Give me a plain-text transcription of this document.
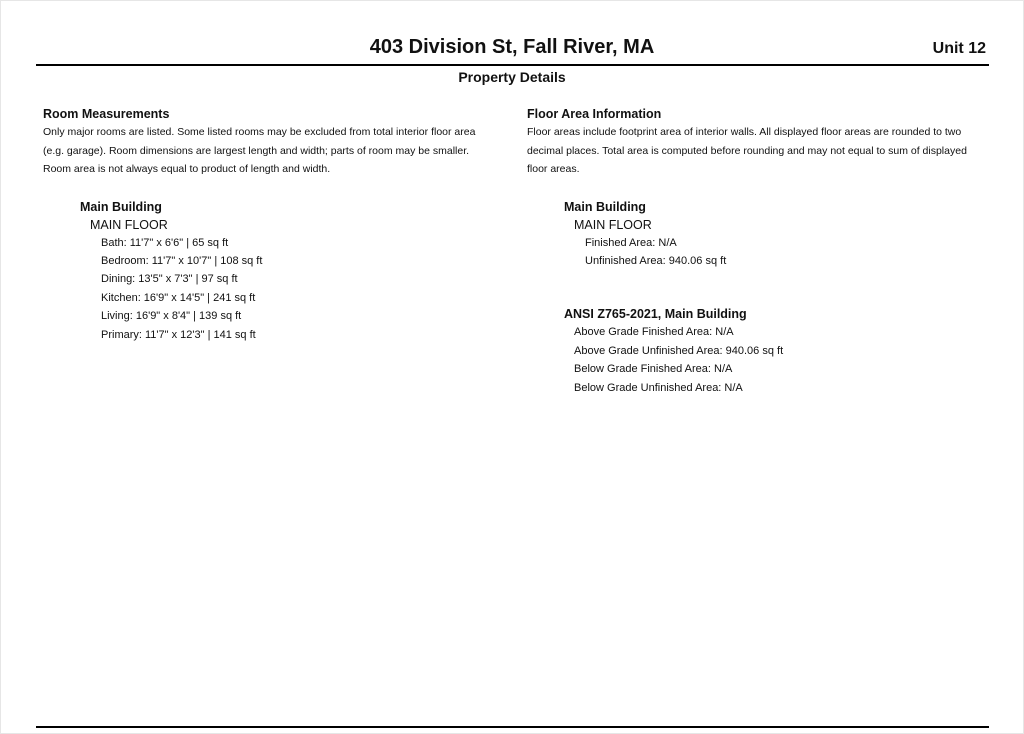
403 Division St, Fall River, MA	Unit 12
Property Details

Room Measurements

Only major rooms are listed. Some listed rooms may be excluded from total interior floor area
(e.g. garage). Room dimensions are largest length and width; parts of room may be smaller.
Room area is not always equal to product of length and width.

Main Building
MAIN FLOOR
Bath: 11'7" x 6'6" | 65 sq ft
Bedroom: 11'7" x 10'7" | 108 sq ft
Dining: 13'5" x 7'3" | 97 sq ft
Kitchen: 16'9" x 14'5" | 241 sq ft
Living: 16'9" x 8'4" | 139 sq ft
Primary: 11'7" x 12'3" | 141 sq ft

Floor Area Information

Floor areas include footprint area of interior walls. All displayed floor areas are rounded to two
decimal places. Total area is computed before rounding and may not equal to sum of displayed
floor areas.

Main Building
MAIN FLOOR
Finished Area: N/A
Unfinished Area: 940.06 sq ft
ANSI Z765-2021, Main Building
Above Grade Finished Area: N/A
Above Grade Unfinished Area: 940.06 sq ft
Below Grade Finished Area: N/A
Below Grade Unfinished Area: N/A
